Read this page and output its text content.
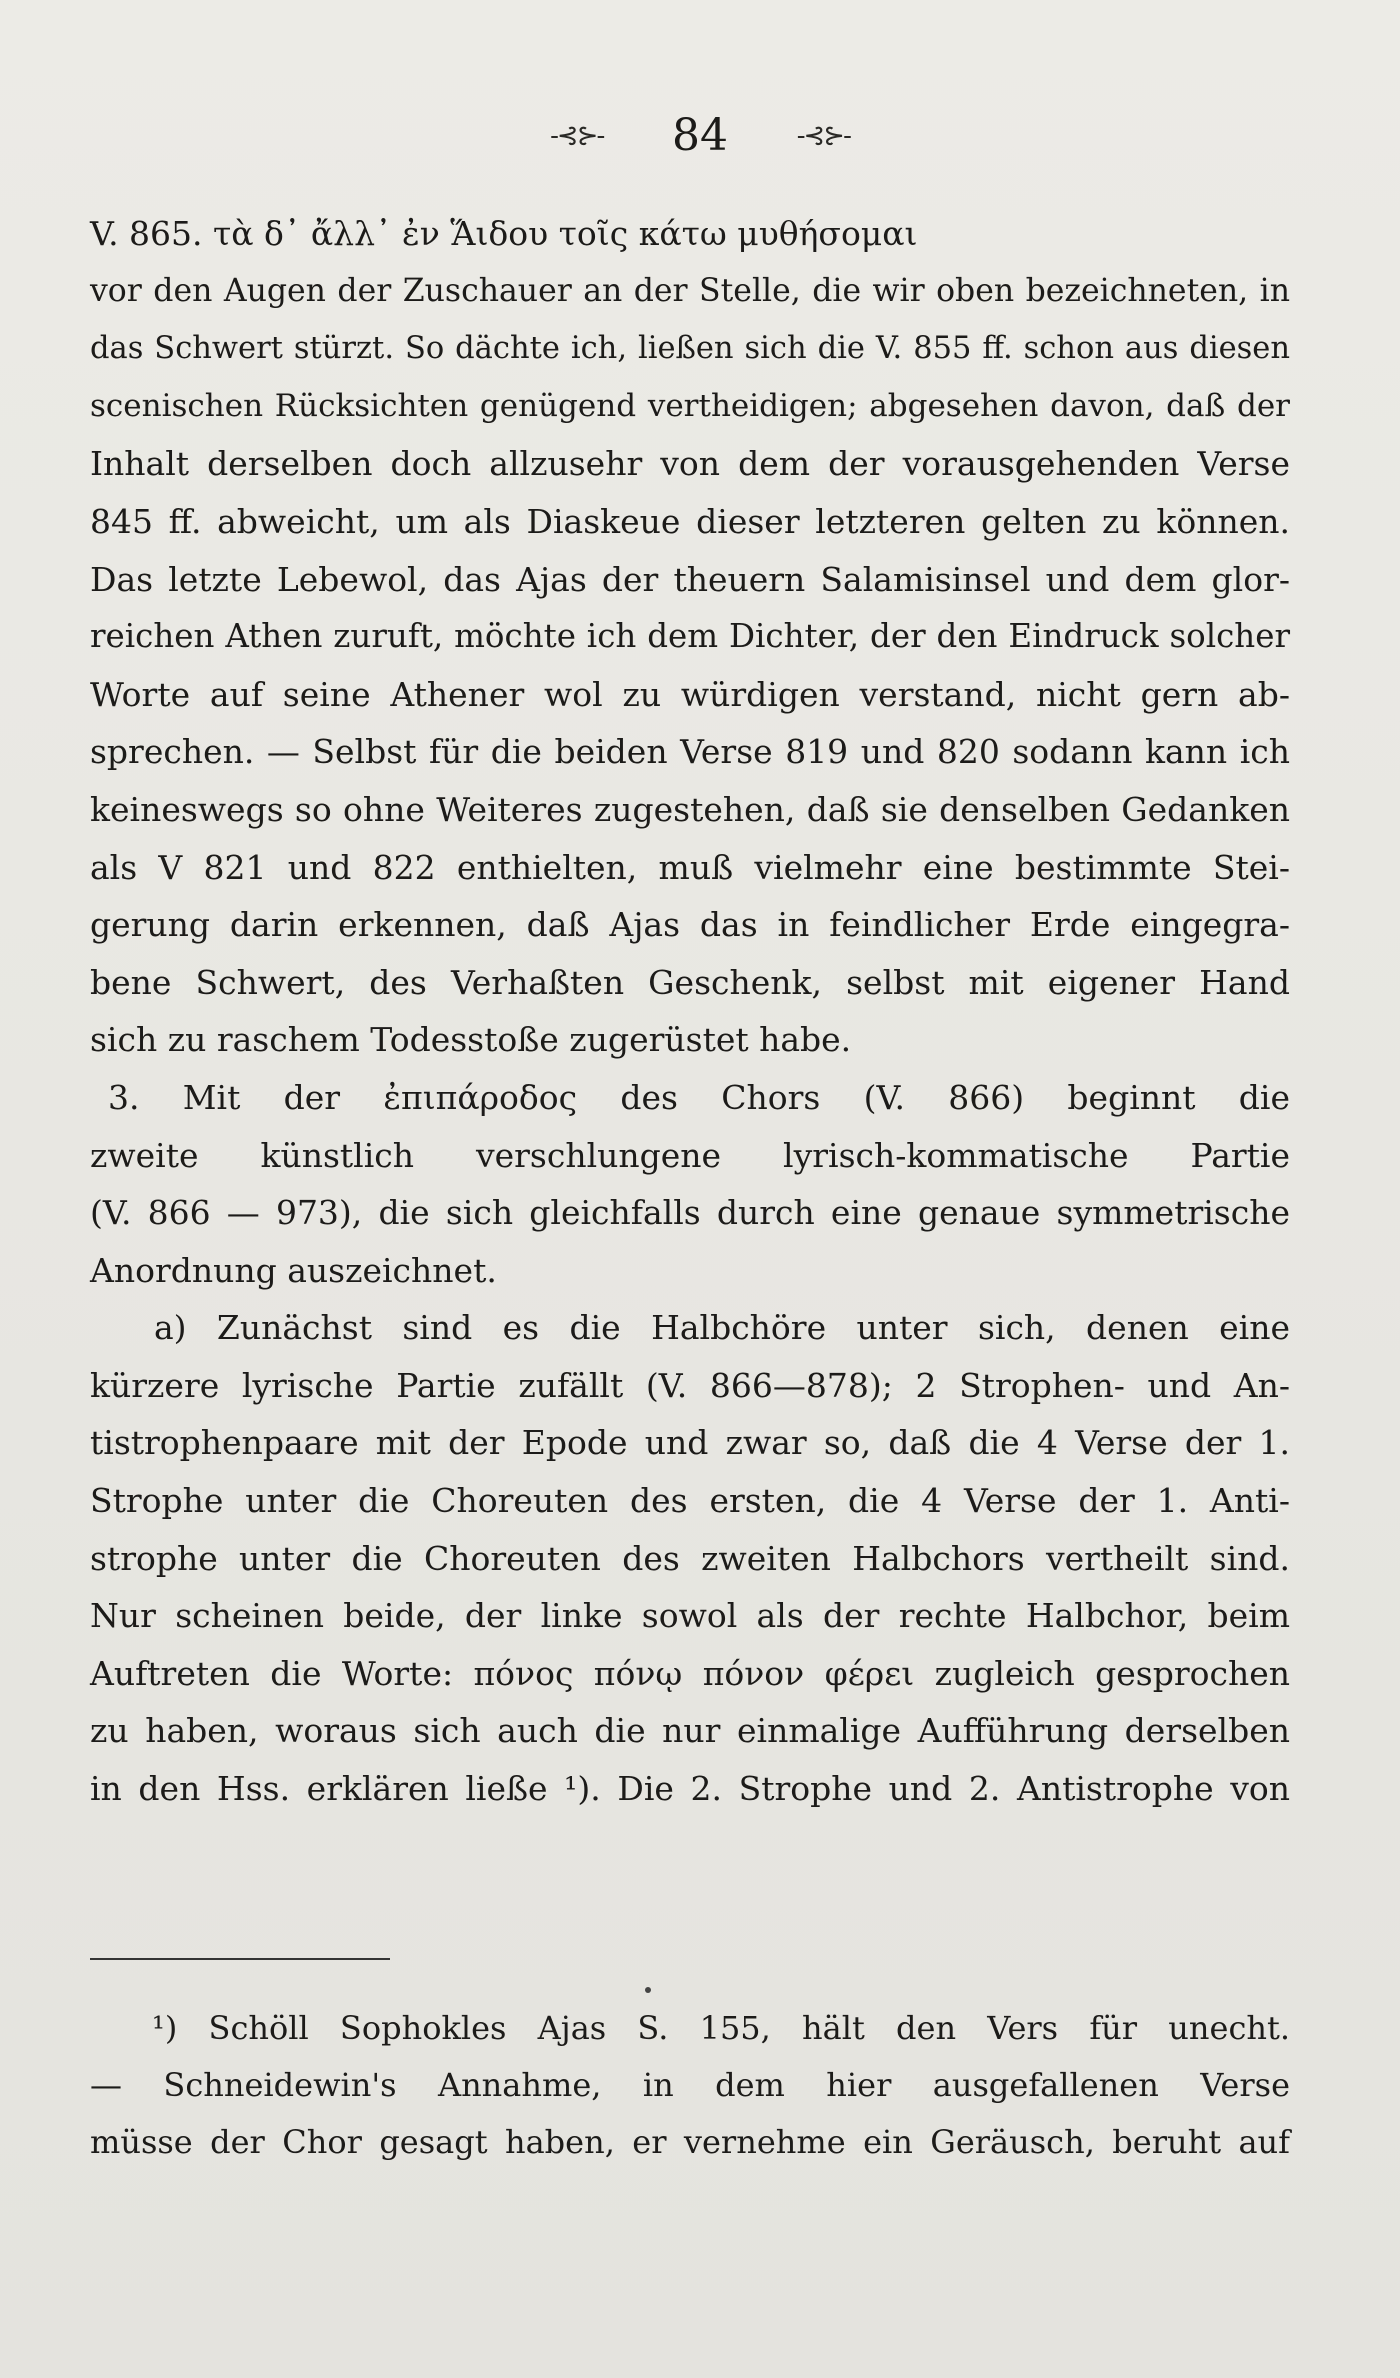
-⊰⊱- 84	-⊰⊱-
V. 865. τὰ δ᾽ ἄλλ᾽ ἐν Ἅιδου τοῖς κάτω μυθήσομαι
vor den Augen der Zuschauer an der Stelle, die wir oben bezeichneten, in
das Schwert stürzt. So dächte ich, ließen sich die V. 855 ff. schon aus diesen
scenischen Rücksichten genügend vertheidigen; abgesehen davon, daß der
Inhalt derselben doch allzusehr von dem der vorausgehenden Verse
845 ff. abweicht, um als Diaskeue dieser letzteren gelten zu können.
Das letzte Lebewol, das Ajas der theuern Salamisinsel und dem glor-
reichen Athen zuruft, möchte ich dem Dichter, der den Eindruck solcher
Worte auf seine Athener wol zu würdigen verstand, nicht gern ab-
sprechen. — Selbst für die beiden Verse 819 und 820 sodann kann ich
keineswegs so ohne Weiteres zugestehen, daß sie denselben Gedanken
als V 821 und 822 enthielten, muß vielmehr eine bestimmte Stei-
gerung darin erkennen, daß Ajas das in feindlicher Erde eingegra-
bene Schwert, des Verhaßten Geschenk, selbst mit eigener Hand
sich zu raschem Todesstoße zugerüstet habe.
3. Mit der ἐπιπάροδος des Chors (V. 866) beginnt die
zweite künstlich verschlungene lyrisch-kommatische Partie
(V. 866 — 973), die sich gleichfalls durch eine genaue symmetrische
Anordnung auszeichnet.
a) Zunächst sind es die Halbchöre unter sich, denen eine
kürzere lyrische Partie zufällt (V. 866—878); 2 Strophen- und An-
tistrophenpaare mit der Epode und zwar so, daß die 4 Verse der 1.
Strophe unter die Choreuten des ersten, die 4 Verse der 1. Anti-
strophe unter die Choreuten des zweiten Halbchors vertheilt sind.
Nur scheinen beide, der linke sowol als der rechte Halbchor, beim
Auftreten die Worte: πόνος πόνῳ πόνον φέρει zugleich gesprochen
zu haben, woraus sich auch die nur einmalige Aufführung derselben
in den Hss. erklären ließe ¹). Die 2. Strophe und 2. Antistrophe von
¹) Schöll Sophokles Ajas S. 155, hält den Vers für unecht.
— Schneidewin's Annahme, in dem hier ausgefallenen Verse
müsse der Chor gesagt haben, er vernehme ein Geräusch, beruht auf
